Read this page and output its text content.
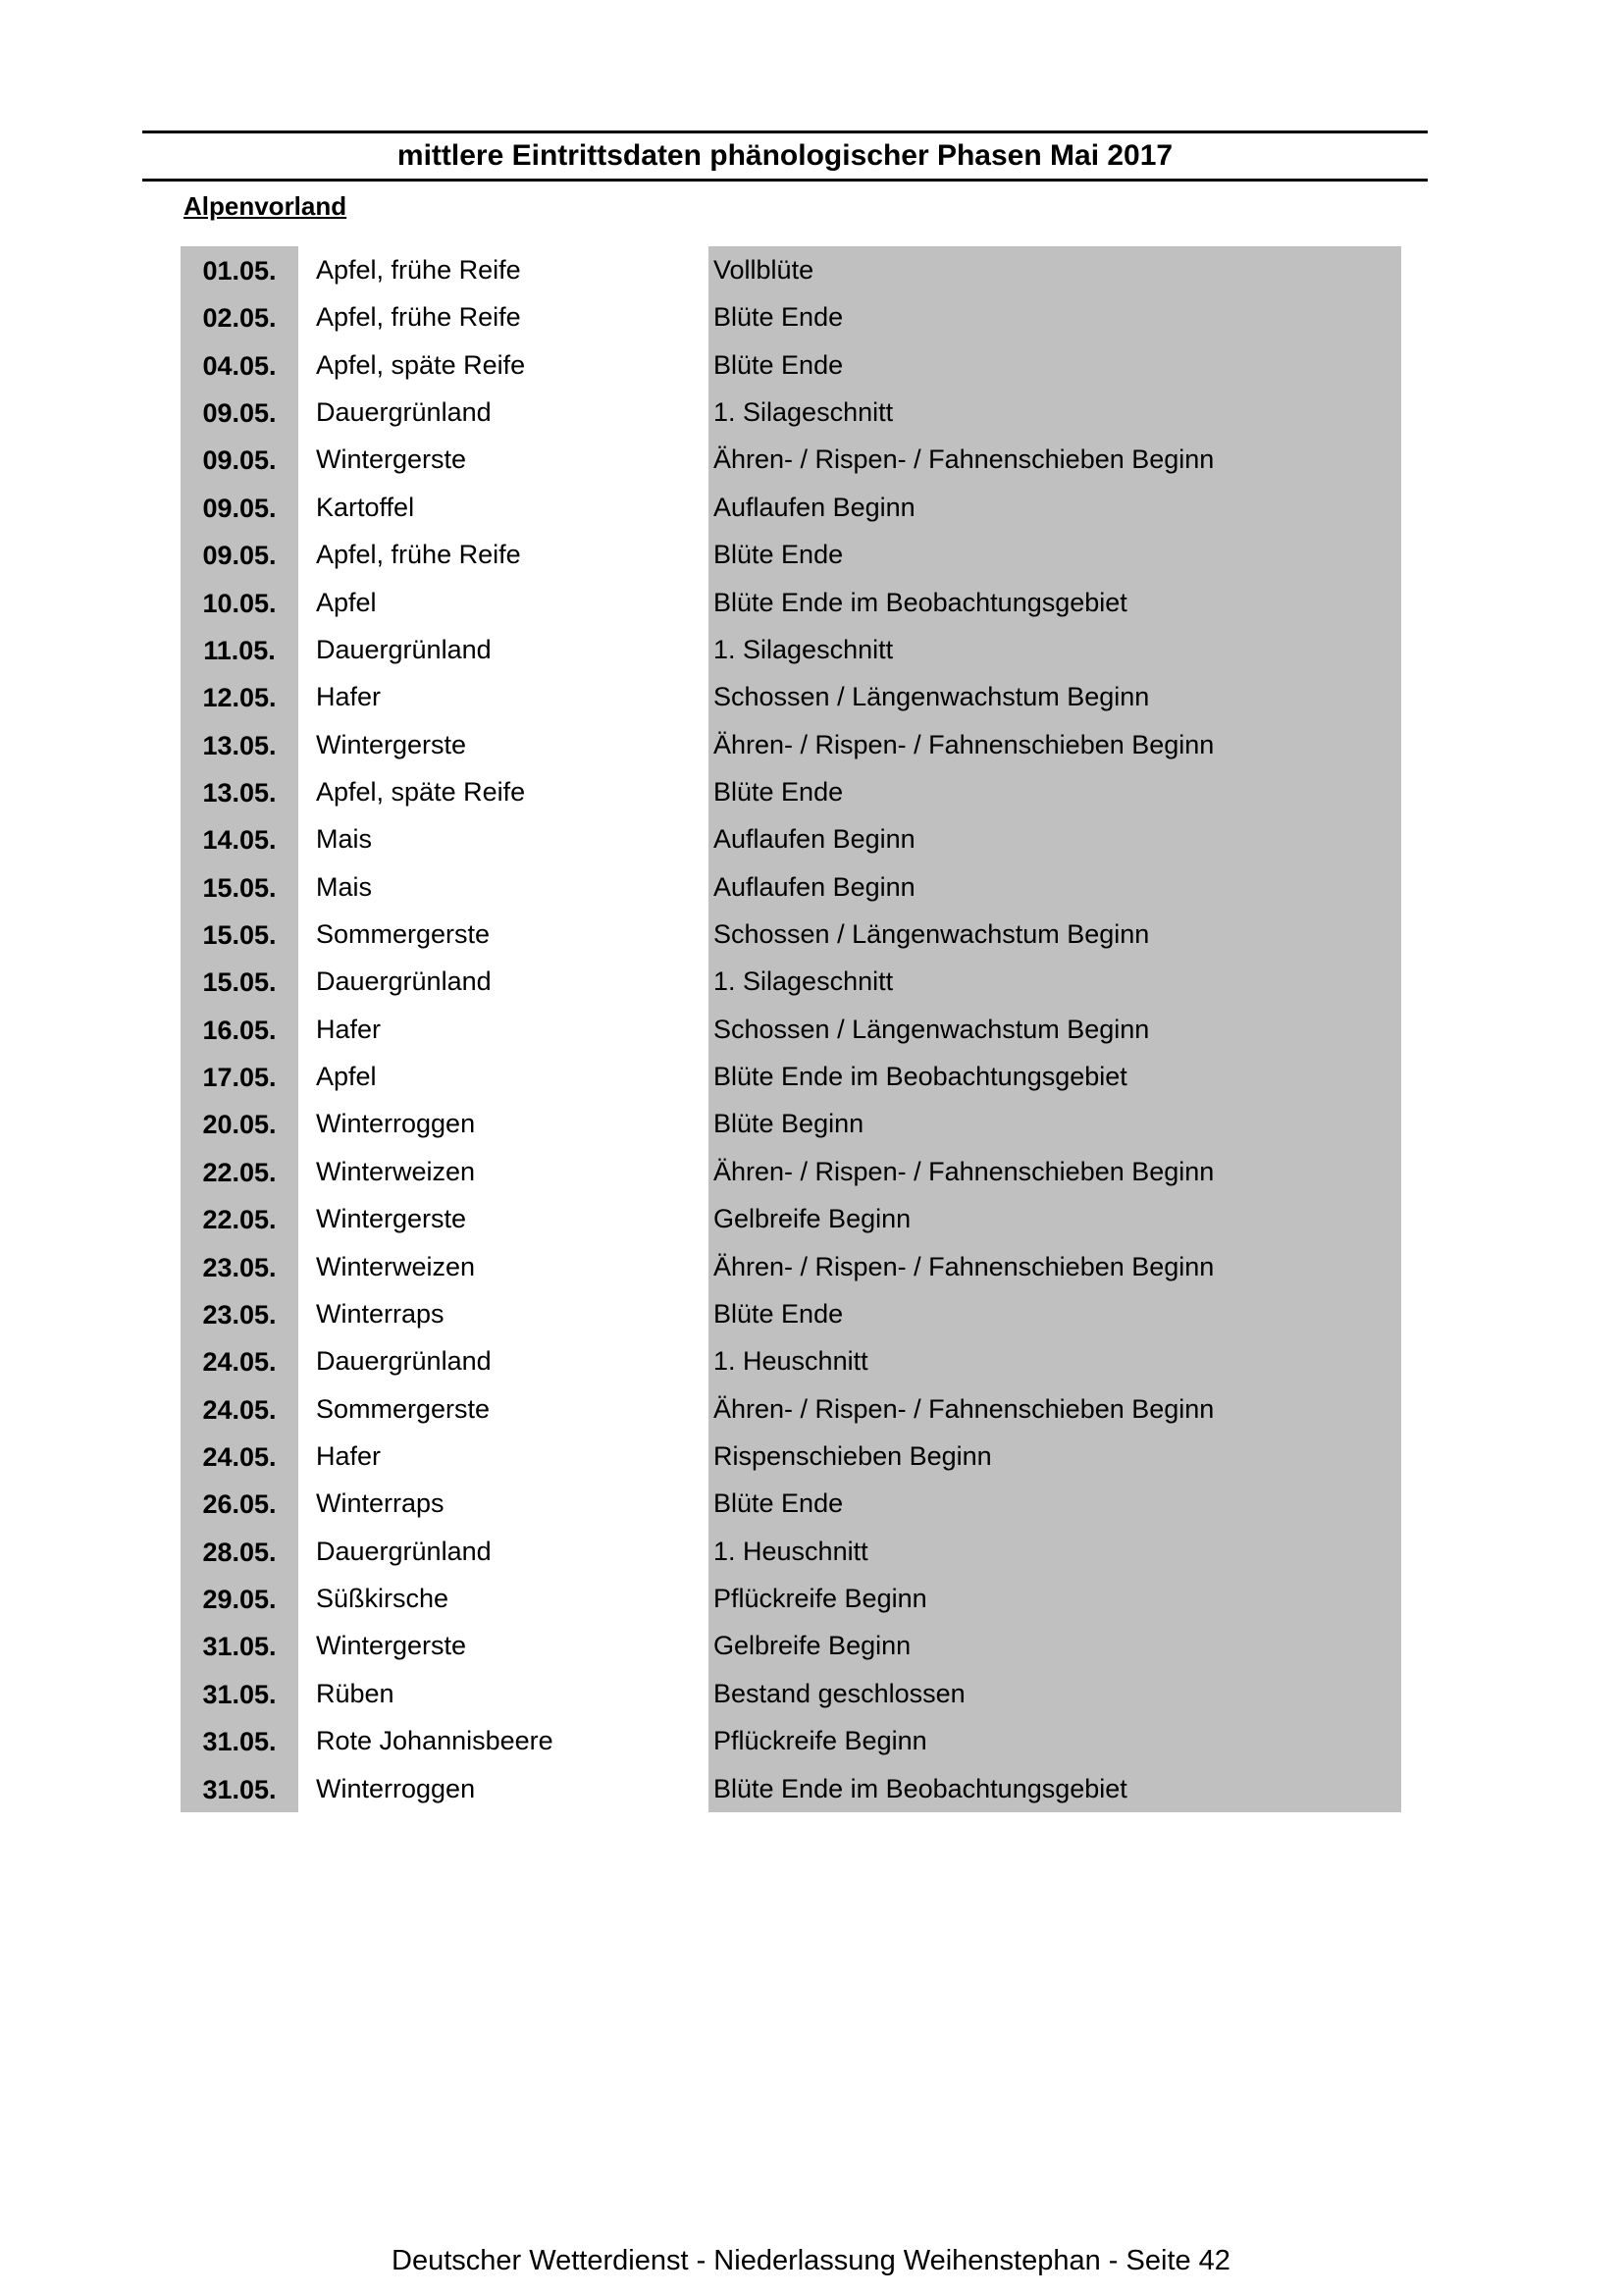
mittlere Eintrittsdaten phänologischer Phasen Mai 2017
Alpenvorland
01.05.	Apfel, frühe Reife	Vollblüte
02.05.	Apfel, frühe Reife	Blüte Ende
04.05.	Apfel, späte Reife	Blüte Ende
09.05.	Dauergrünland	1. Silageschnitt
09.05.	Wintergerste	Ähren- / Rispen- / Fahnenschieben Beginn
09.05.	Kartoffel	Auflaufen Beginn
09.05.	Apfel, frühe Reife	Blüte Ende
10.05.	Apfel	Blüte Ende im Beobachtungsgebiet
11.05.	Dauergrünland	1. Silageschnitt
12.05.	Hafer	Schossen / Längenwachstum Beginn
13.05.	Wintergerste	Ähren- / Rispen- / Fahnenschieben Beginn
13.05.	Apfel, späte Reife	Blüte Ende
14.05.	Mais	Auflaufen Beginn
15.05.	Mais	Auflaufen Beginn
15.05.	Sommergerste	Schossen / Längenwachstum Beginn
15.05.	Dauergrünland	1. Silageschnitt
16.05.	Hafer	Schossen / Längenwachstum Beginn
17.05.	Apfel	Blüte Ende im Beobachtungsgebiet
20.05.	Winterroggen	Blüte Beginn
22.05.	Winterweizen	Ähren- / Rispen- / Fahnenschieben Beginn
22.05.	Wintergerste	Gelbreife Beginn
23.05.	Winterweizen	Ähren- / Rispen- / Fahnenschieben Beginn
23.05.	Winterraps	Blüte Ende
24.05.	Dauergrünland	1. Heuschnitt
24.05.	Sommergerste	Ähren- / Rispen- / Fahnenschieben Beginn
24.05.	Hafer	Rispenschieben Beginn
26.05.	Winterraps	Blüte Ende
28.05.	Dauergrünland	1. Heuschnitt
29.05.	Süßkirsche	Pflückreife Beginn
31.05.	Wintergerste	Gelbreife Beginn
31.05.	Rüben	Bestand geschlossen
31.05.	Rote Johannisbeere	Pflückreife Beginn
31.05.	Winterroggen	Blüte Ende im Beobachtungsgebiet
Deutscher Wetterdienst - Niederlassung Weihenstephan - Seite 42
